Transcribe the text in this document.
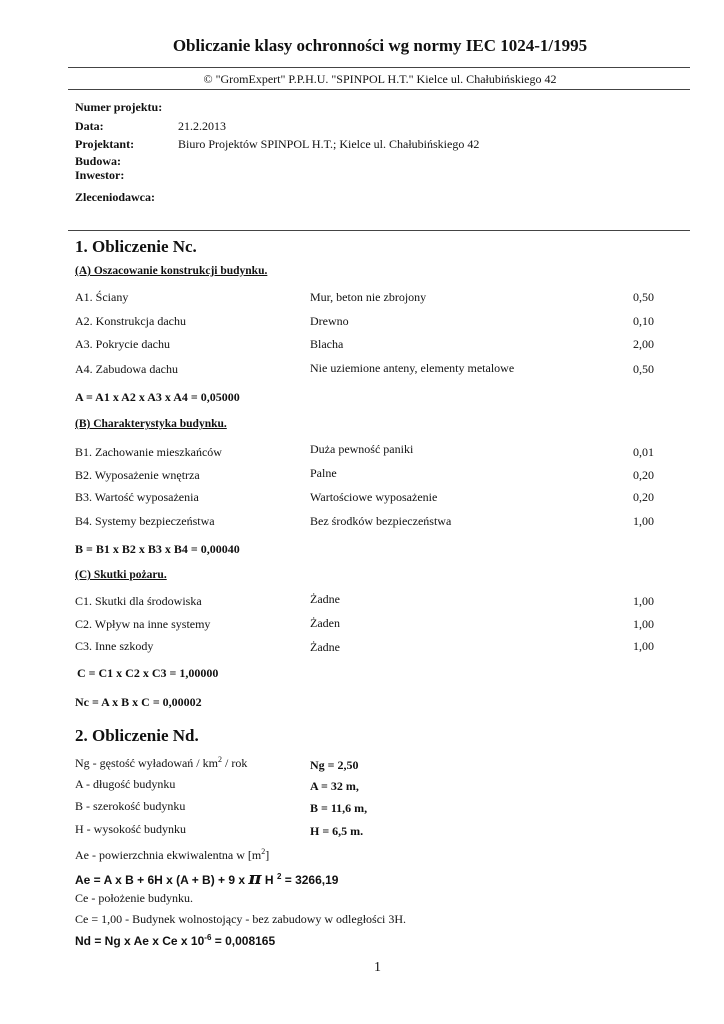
Obliczanie klasy ochronności wg normy IEC 1024-1/1995
© "GromExpert" P.P.H.U. "SPINPOL H.T." Kielce ul. Chałubińskiego 42
Numer projektu:
Data:	21.2.2013
Projektant:	Biuro Projektów SPINPOL H.T.; Kielce ul. Chałubińskiego 42
Budowa:
Inwestor:
Zleceniodawca:
1. Obliczenie Nc.
(A) Oszacowanie konstrukcji budynku.
A1. Ściany	Mur, beton nie zbrojony	0,50
A2. Konstrukcja dachu	Drewno	0,10
A3. Pokrycie dachu	Blacha	2,00
A4. Zabudowa dachu	Nie uziemione anteny, elementy metalowe	0,50
A = A1 x A2 x A3 x A4 = 0,05000
(B) Charakterystyka budynku.
B1. Zachowanie mieszkańców	Duża pewność paniki	0,01
B2. Wyposażenie wnętrza	Palne	0,20
B3. Wartość wyposażenia	Wartościowe wyposażenie	0,20
B4. Systemy bezpieczeństwa	Bez środków bezpieczeństwa	1,00
B = B1 x B2 x B3 x B4 = 0,00040
(C) Skutki pożaru.
C1. Skutki dla środowiska	Żadne	1,00
C2. Wpływ na inne systemy	Żaden	1,00
C3. Inne szkody	Żadne	1,00
C = C1 x C2 x C3 = 1,00000
Nc = A x B x C = 0,00002
2. Obliczenie Nd.
Ng - gęstość wyładowań / $km^2$ / rok	Ng = 2,50
A - długość budynku	A = 32 m,
B - szerokość budynku	B = 11,6 m,
H - wysokość budynku	H = 6,5 m.
Ae - powierzchnia ekwiwalentna w $[m^2]$
Ae = A x B + 6H x (A + B) + 9 x π H $^2$ = 3266,19
Ce - położenie budynku.
Ce = 1,00 - Budynek wolnostojący - bez zabudowy w odległości 3H.
Nd = Ng x Ae x Ce x $10^{-6} = 0,008165$
1
